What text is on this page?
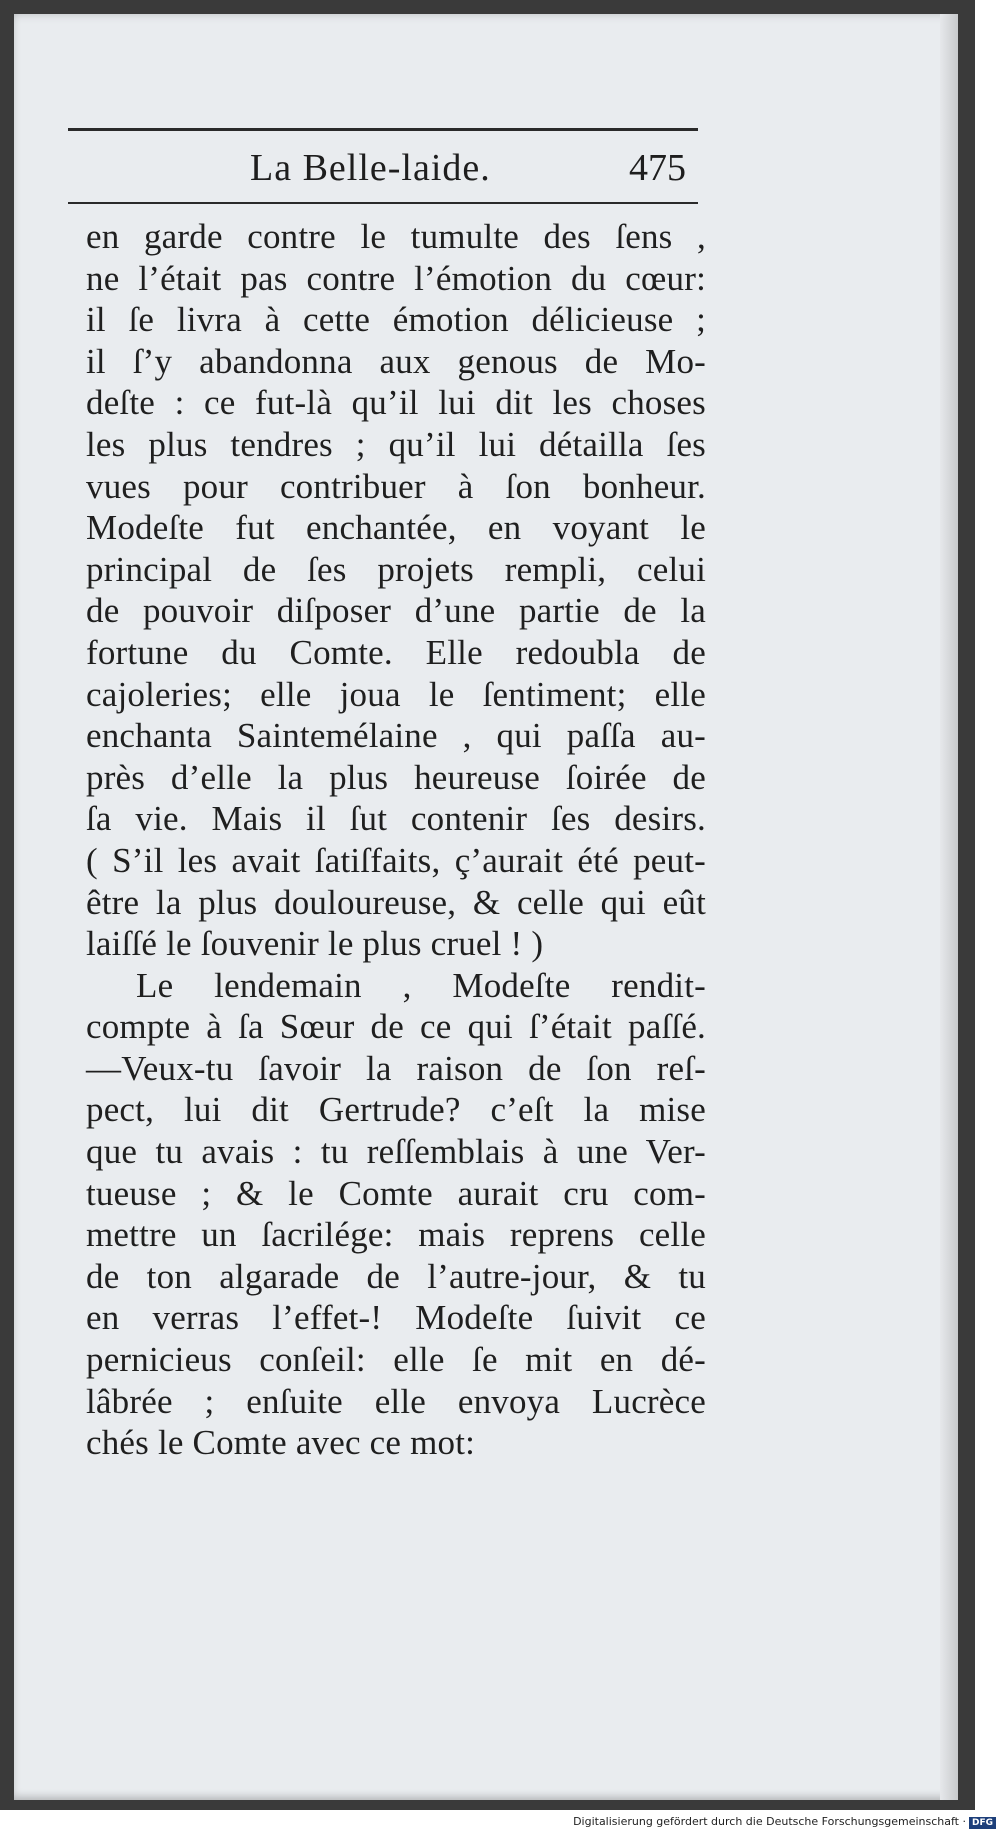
La Belle-laide.	475
en garde contre le tumulte des ſens ,
ne l’était pas contre l’émotion du cœur:
il ſe livra à cette émotion délicieuse ;
il ſ’y abandonna aux genous de Mo-
deſte : ce fut-là qu’il lui dit les choses
les plus tendres ; qu’il lui détailla ſes
vues pour contribuer à ſon bonheur.
Modeſte fut enchantée, en voyant le
principal de ſes projets rempli, celui
de pouvoir diſposer d’une partie de la
fortune du Comte. Elle redoubla de
cajoleries; elle joua le ſentiment; elle
enchanta Saintemélaine , qui paſſa au-
près d’elle la plus heureuse ſoirée de
ſa vie. Mais il ſut contenir ſes desirs.
( S’il les avait ſatiſfaits, ç’aurait été peut-
être la plus douloureuse, & celle qui eût
laiſſé le ſouvenir le plus cruel ! )
Le lendemain , Modeſte rendit-
compte à ſa Sœur de ce qui ſ’était paſſé.
—Veux-tu ſavoir la raison de ſon reſ-
pect, lui dit Gertrude? c’eſt la mise
que tu avais : tu reſſemblais à une Ver-
tueuse ; & le Comte aurait cru com-
mettre un ſacrilége: mais reprens celle
de ton algarade de l’autre-jour, & tu
en verras l’effet-! Modeſte ſuivit ce
pernicieus conſeil: elle ſe mit en dé-
lâbrée ; enſuite elle envoya Lucrèce
chés le Comte avec ce mot:
Digitalisierung gefördert durch die Deutsche Forschungsgemeinschaft · DFG
